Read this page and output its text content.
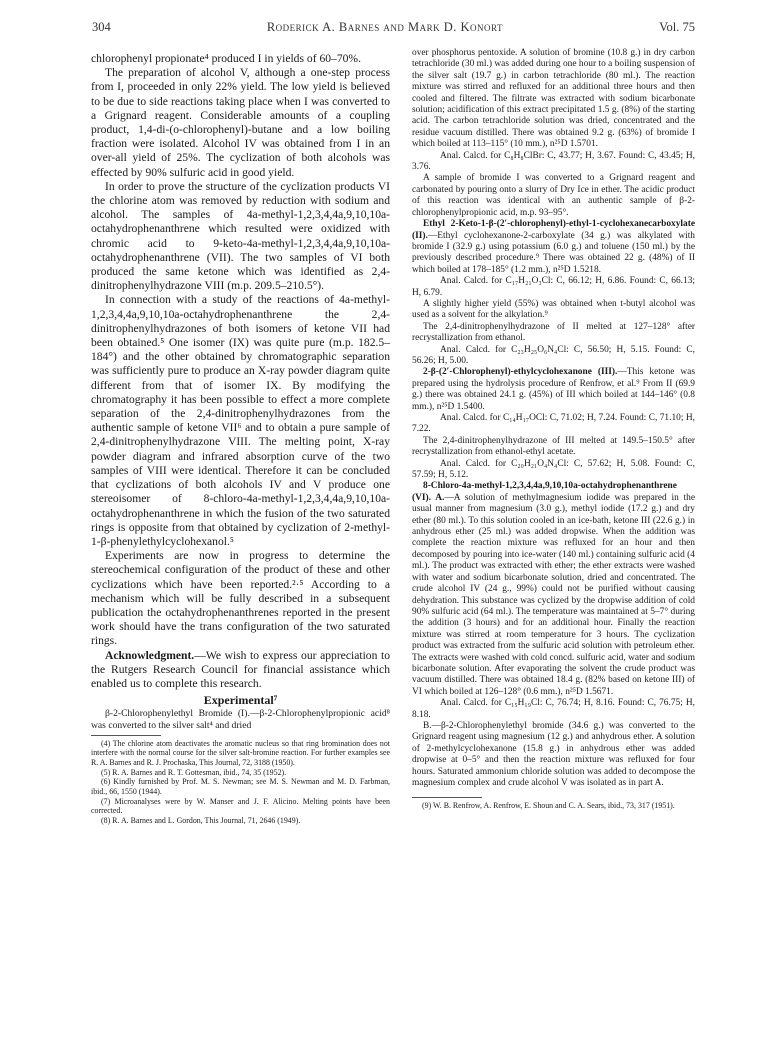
304	Roderick A. Barnes and Mark D. Konort	Vol. 75

chlorophenyl propionate⁴ produced I in yields of 60–70%.

The preparation of alcohol V, although a one-step process from I, proceeded in only 22% yield. The low yield is believed to be due to side reactions taking place when I was converted to a Grignard reagent. Considerable amounts of a coupling product, 1,4-di-(o-chlorophenyl)-butane and a low boiling fraction were isolated. Alcohol IV was obtained from I in an over-all yield of 25%. The cyclization of both alcohols was effected by 90% sulfuric acid in good yield.

In order to prove the structure of the cyclization products VI the chlorine atom was removed by reduction with sodium and alcohol. The samples of 4a-methyl-1,2,3,4,4a,9,10,10a-octahydrophenanthrene which resulted were oxidized with chromic acid to 9-keto-4a-methyl-1,2,3,4,4a,9,10,10a-octahydrophenanthrene (VII). The two samples of VI both produced the same ketone which was identified as 2,4-dinitrophenylhydrazone VIII (m.p. 209.5–210.5°).

In connection with a study of the reactions of 4a-methyl-1,2,3,4,4a,9,10,10a-octahydrophenanthrene the 2,4-dinitrophenylhydrazones of both isomers of ketone VII had been obtained.⁵ One isomer (IX) was quite pure (m.p. 182.5–184°) and the other obtained by chromatographic separation was sufficiently pure to produce an X-ray powder diagram quite different from that of isomer IX. By modifying the chromatography it has been possible to effect a more complete separation of the 2,4-dinitrophenylhydrazones from the authentic sample of ketone VII⁶ and to obtain a pure sample of 2,4-dinitrophenylhydrazone VIII. The melting point, X-ray powder diagram and infrared absorption curve of the two samples of VIII were identical. Therefore it can be concluded that cyclizations of both alcohols IV and V produce one stereoisomer of 8-chloro-4a-methyl-1,2,3,4,4a,9,10,10a-octahydrophenanthrene in which the fusion of the two saturated rings is opposite from that obtained by cyclization of 2-methyl-1-β-phenylethylcyclohexanol.⁵

Experiments are now in progress to determine the stereochemical configuration of the product of these and other cyclizations which have been reported.²·⁵ According to a mechanism which will be fully described in a subsequent publication the octahydrophenanthrenes reported in the present work should have the trans configuration of the two saturated rings.

Acknowledgment.—We wish to express our appreciation to the Rutgers Research Council for financial assistance which enabled us to complete this research.

Experimental⁷

β-2-Chlorophenylethyl Bromide (I).—β-2-Chlorophenylpropionic acid⁸ was converted to the silver salt⁴ and dried

(4) The chlorine atom deactivates the aromatic nucleus so that ring bromination does not interfere with the normal course for the silver salt-bromine reaction. For further examples see R. A. Barnes and R. J. Prochaska, This Journal, 72, 3188 (1950).

(5) R. A. Barnes and R. T. Gottesman, ibid., 74, 35 (1952).

(6) Kindly furnished by Prof. M. S. Newman; see M. S. Newman and M. D. Farbman, ibid., 66, 1550 (1944).

(7) Microanalyses were by W. Manser and J. F. Alicino. Melting points have been corrected.

(8) R. A. Barnes and L. Gordon, This Journal, 71, 2646 (1949).

over phosphorus pentoxide. A solution of bromine (10.8 g.) in dry carbon tetrachloride (30 ml.) was added during one hour to a boiling suspension of the silver salt (19.7 g.) in carbon tetrachloride (80 ml.). The reaction mixture was stirred and refluxed for an additional three hours and then cooled and filtered. The filtrate was extracted with sodium bicarbonate solution; acidification of this extract precipitated 1.5 g. (8%) of the starting acid. The carbon tetrachloride solution was dried, concentrated and the residue vacuum distilled. There was obtained 9.2 g. (63%) of bromide I which boiled at 113–115° (10 mm.), n²⁵D 1.5701.

Anal. Calcd. for C₈H₈ClBr: C, 43.77; H, 3.67. Found: C, 43.45; H, 3.76.

A sample of bromide I was converted to a Grignard reagent and carbonated by pouring onto a slurry of Dry Ice in ether. The acidic product of this reaction was identical with an authentic sample of β-2-chlorophenylpropionic acid, m.p. 93–95°.

Ethyl 2-Keto-1-β-(2′-chlorophenyl)-ethyl-1-cyclohexanecarboxylate (II).—Ethyl cyclohexanone-2-carboxylate (34 g.) was alkylated with bromide I (32.9 g.) using potassium (6.0 g.) and toluene (150 ml.) by the previously described procedure.⁹ There was obtained 22 g. (48%) of II which boiled at 178–185° (1.2 mm.), n²⁵D 1.5218.

Anal. Calcd. for C₁₇H₂₁O₃Cl: C, 66.12; H, 6.86. Found: C, 66.13; H, 6.79.

A slightly higher yield (55%) was obtained when t-butyl alcohol was used as a solvent for the alkylation.⁹

The 2,4-dinitrophenylhydrazone of II melted at 127–128° after recrystallization from ethanol.

Anal. Calcd. for C₂₃H₂₅O₆N₄Cl: C, 56.50; H, 5.15. Found: C, 56.26; H, 5.00.

2-β-(2′-Chlorophenyl)-ethylcyclohexanone (III).—This ketone was prepared using the hydrolysis procedure of Renfrow, et al.⁹ From II (69.9 g.) there was obtained 24.1 g. (45%) of III which boiled at 144–146° (0.8 mm.), n²⁵D 1.5400.

Anal. Calcd. for C₁₄H₁₇OCl: C, 71.02; H, 7.24. Found: C, 71.10; H, 7.22.

The 2,4-dinitrophenylhydrazone of III melted at 149.5–150.5° after recrystallization from ethanol-ethyl acetate.

Anal. Calcd. for C₂₀H₂₁O₄N₄Cl: C, 57.62; H, 5.08. Found: C, 57.59; H, 5.12.

8-Chloro-4a-methyl-1,2,3,4,4a,9,10,10a-octahydrophenanthrene (VI). A.—A solution of methylmagnesium iodide was prepared in the usual manner from magnesium (3.0 g.), methyl iodide (17.2 g.) and dry ether (80 ml.). To this solution cooled in an ice-bath, ketone III (22.6 g.) in anhydrous ether (25 ml.) was added dropwise. When the addition was complete the reaction mixture was refluxed for an hour and then decomposed by pouring into ice-water (140 ml.) containing sulfuric acid (4 ml.). The product was extracted with ether; the ether extracts were washed with water and sodium bicarbonate solution, dried and concentrated. The crude alcohol IV (24 g., 99%) could not be purified without causing dehydration. This substance was cyclized by the dropwise addition of cold 90% sulfuric acid (64 ml.). The temperature was maintained at 5–7° during the addition (3 hours) and for an additional hour. Finally the reaction mixture was stirred at room temperature for 3 hours. The cyclization product was extracted from the sulfuric acid solution with petroleum ether. The extracts were washed with cold concd. sulfuric acid, water and sodium bicarbonate solution. After evaporating the solvent the crude product was vacuum distilled. There was obtained 18.4 g. (82% based on ketone III) of VI which boiled at 126–128° (0.6 mm.), n²⁵D 1.5671.

Anal. Calcd. for C₁₅H₁₉Cl: C, 76.74; H, 8.16. Found: C, 76.75; H, 8.18.

B.—β-2-Chlorophenylethyl bromide (34.6 g.) was converted to the Grignard reagent using magnesium (12 g.) and anhydrous ether. A solution of 2-methylcyclohexanone (15.8 g.) in anhydrous ether was added dropwise at 0–5° and then the reaction mixture was refluxed for four hours. Saturated ammonium chloride solution was added to decompose the magnesium complex and crude alcohol V was isolated as in part A.

(9) W. B. Renfrow, A. Renfrow, E. Shoun and C. A. Sears, ibid., 73, 317 (1951).
